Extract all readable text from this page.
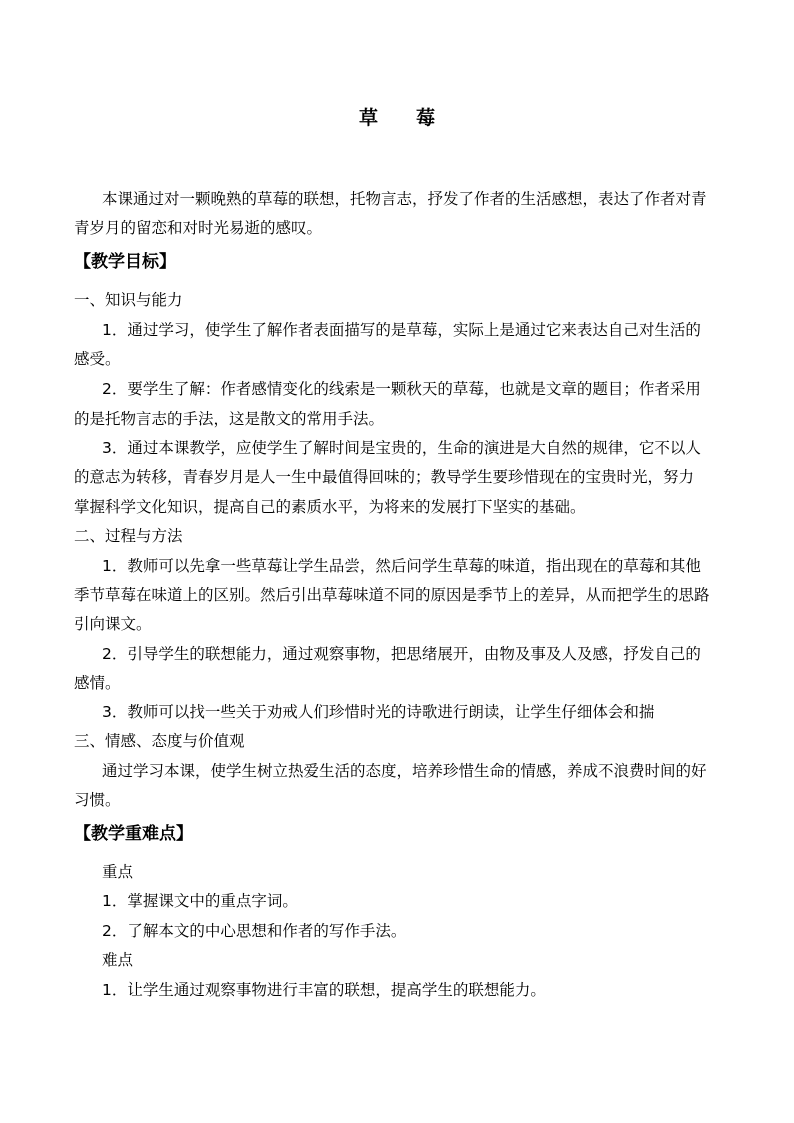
草　　莓
本课通过对一颗晚熟的草莓的联想，托物言志，抒发了作者的生活感想，表达了作者对青
青岁月的留恋和对时光易逝的感叹。
【教学目标】
一、知识与能力
1．通过学习，使学生了解作者表面描写的是草莓，实际上是通过它来表达自己对生活的
感受。
2．要学生了解：作者感情变化的线索是一颗秋天的草莓，也就是文章的题目；作者采用
的是托物言志的手法，这是散文的常用手法。
3．通过本课教学，应使学生了解时间是宝贵的，生命的演进是大自然的规律，它不以人
的意志为转移，青春岁月是人一生中最值得回味的；教导学生要珍惜现在的宝贵时光，努力
掌握科学文化知识，提高自己的素质水平，为将来的发展打下坚实的基础。
二、过程与方法
1．教师可以先拿一些草莓让学生品尝，然后问学生草莓的味道，指出现在的草莓和其他
季节草莓在味道上的区别。然后引出草莓味道不同的原因是季节上的差异，从而把学生的思路
引向课文。
2．引导学生的联想能力，通过观察事物，把思绪展开，由物及事及人及感，抒发自己的
感情。
3．教师可以找一些关于劝戒人们珍惜时光的诗歌进行朗读，让学生仔细体会和揣
三、情感、态度与价值观
通过学习本课，使学生树立热爱生活的态度，培养珍惜生命的情感，养成不浪费时间的好
习惯。
【教学重难点】
重点
1．掌握课文中的重点字词。
2．了解本文的中心思想和作者的写作手法。
难点
1．让学生通过观察事物进行丰富的联想，提高学生的联想能力。
